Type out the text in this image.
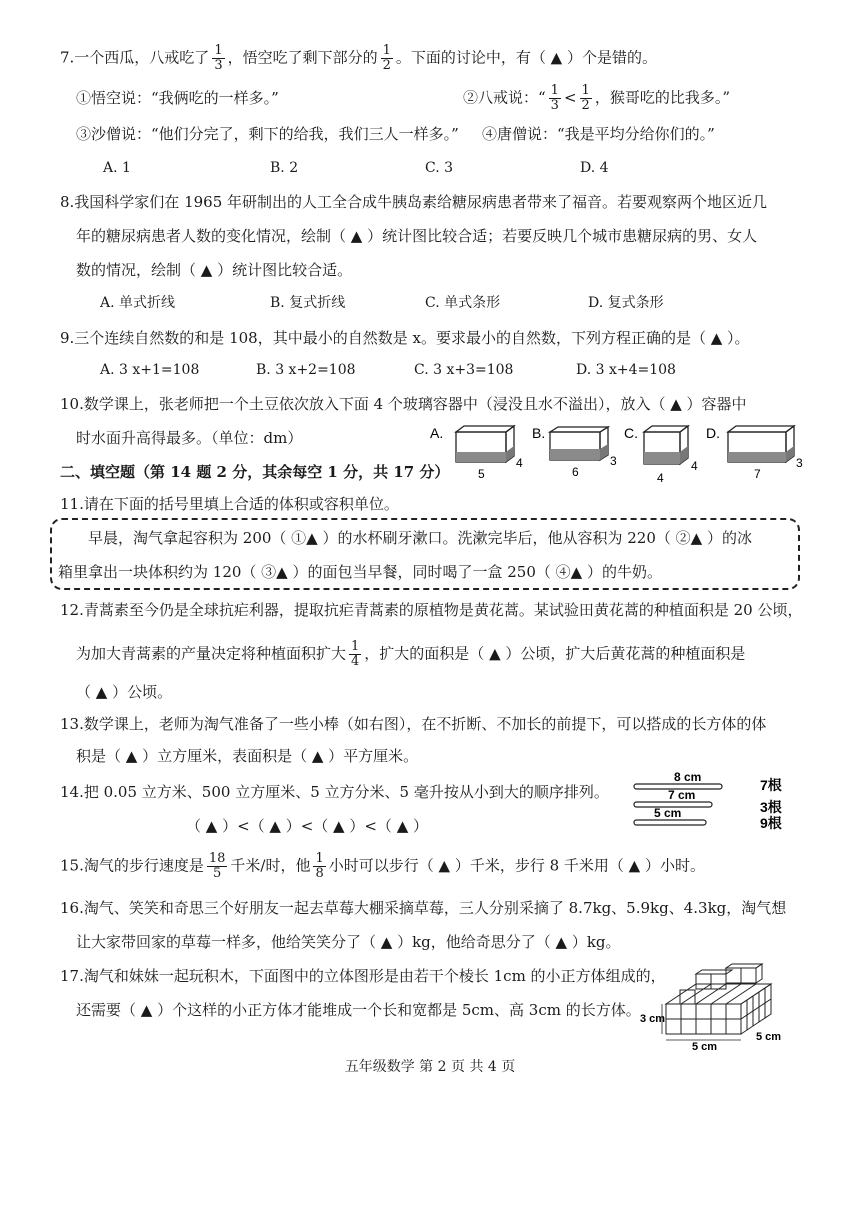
7.一个西瓜，八戒吃了 $\frac{1}{3}$ ，悟空吃了剩下部分的 $\frac{1}{2}$ 。下面的讨论中，有（ ▲ ）个是错的。
①悟空说：“我俩吃的一样多。”	②八戒说：“ $\frac{1}{3} < \frac{1}{2}$ ，猴哥吃的比我多。”
③沙僧说：“他们分完了，剩下的给我，我们三人一样多。” ④唐僧说：“我是平均分给你们的。”
A. 1	B. 2	C. 3	D. 4
8.我国科学家们在 1965 年研制出的人工全合成牛胰岛素给糖尿病患者带来了福音。若要观察两个地区近几
年的糖尿病患者人数的变化情况，绘制（ ▲ ）统计图比较合适；若要反映几个城市患糖尿病的男、女人
数的情况，绘制（ ▲ ）统计图比较合适。
A. 单式折线	B. 复式折线	C. 单式条形	D. 复式条形
9.三个连续自然数的和是 108，其中最小的自然数是 x。要求最小的自然数，下列方程正确的是（ ▲ ）。
A. 3 x+1=108	B. 3 x+2=108	C. 3 x+3=108	D. 3 x+4=108
10.数学课上，张老师把一个土豆依次放入下面 4 个玻璃容器中（浸没且水不溢出），放入（ ▲ ）容器中
时水面升高得最多。（单位：dm）	A.
5
4
B.
6
3
C.
4
4
D.
7
3
二、填空题（第 14 题 2 分，其余每空 1 分，共 17 分）
11.请在下面的括号里填上合适的体积或容积单位。
早晨，淘气拿起容积为 200（ ①▲ ）的水杯刷牙漱口。洗漱完毕后，他从容积为 220（ ②▲ ）的冰
箱里拿出一块体积约为 120（ ③▲ ）的面包当早餐，同时喝了一盒 250（ ④▲ ）的牛奶。
12.青蒿素至今仍是全球抗疟利器，提取抗疟青蒿素的原植物是黄花蒿。某试验田黄花蒿的种植面积是 20 公顷，
为加大青蒿素的产量决定将种植面积扩大 $\frac{1}{4}$ ，扩大的面积是（ ▲ ）公顷，扩大后黄花蒿的种植面积是
（ ▲ ）公顷。
13.数学课上，老师为淘气准备了一些小棒（如右图），在不折断、不加长的前提下，可以搭成的长方体的体
积是（ ▲ ）立方厘米，表面积是（ ▲ ）平方厘米。
8 cm	7根
7 cm
3根
5 cm
9根
14.把 0.05 立方米、500 立方厘米、5 立方分米、5 毫升按从小到大的顺序排列。
（ ▲ ）<（ ▲ ）<（ ▲ ）<（ ▲ ）
15.淘气的步行速度是 $\frac{18}{5}$ 千米/时，他 $\frac{1}{8}$ 小时可以步行（ ▲ ）千米，步行 8 千米用（ ▲ ）小时。
16.淘气、笑笑和奇思三个好朋友一起去草莓大棚采摘草莓，三人分别采摘了 8.7kg、5.9kg、4.3kg，淘气想
让大家带回家的草莓一样多，他给笑笑分了（ ▲ ）kg，他给奇思分了（ ▲ ）kg。
17.淘气和妹妹一起玩积木，下面图中的立体图形是由若干个棱长 1cm 的小正方体组成的，
还需要（ ▲ ）个这样的小正方体才能堆成一个长和宽都是 5cm、高 3cm 的长方体。 3 cm
5 cm
5 cm
五年级数学 第 2 页 共 4 页
